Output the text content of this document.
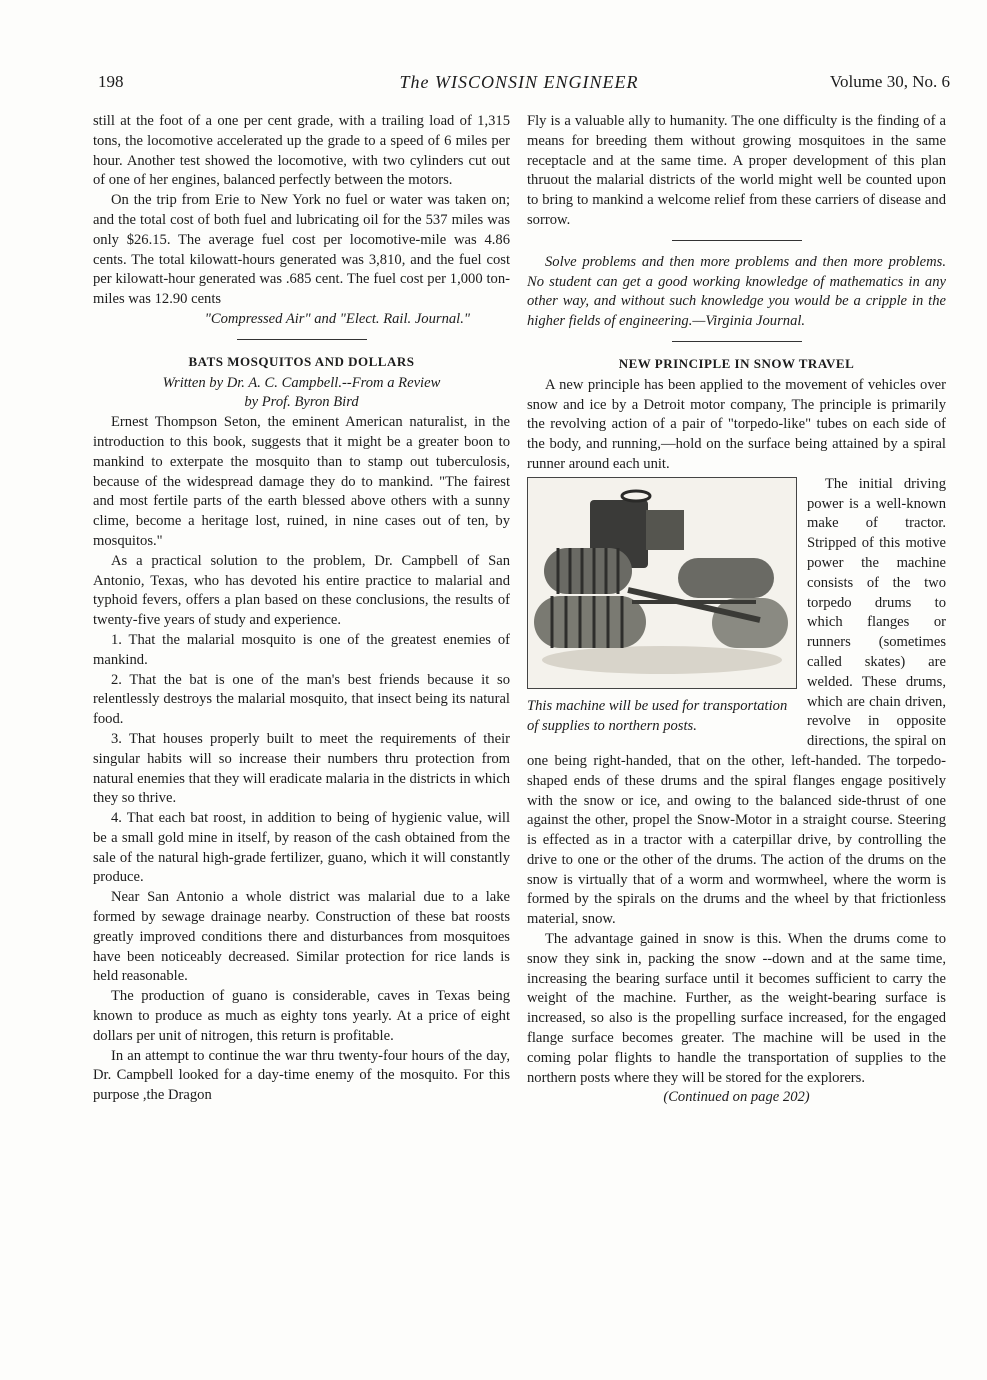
198	The WISCONSIN ENGINEER	Volume 30, No. 6

still at the foot of a one per cent grade, with a trailing load of 1,315 tons, the locomotive accelerated up the grade to a speed of 6 miles per hour. Another test showed the locomotive, with two cylinders cut out of one of her engines, balanced perfectly between the motors.

On the trip from Erie to New York no fuel or water was taken on; and the total cost of both fuel and lubricating oil for the 537 miles was only $26.15. The average fuel cost per locomotive-mile was 4.86 cents. The total kilowatt-hours generated was 3,810, and the fuel cost per kilowatt-hour generated was .685 cent. The fuel cost per 1,000 ton-miles was 12.90 cents

"Compressed Air" and "Elect. Rail. Journal."

BATS MOSQUITOS AND DOLLARS

Written by Dr. A. C. Campbell.--From a Review

by Prof. Byron Bird

Ernest Thompson Seton, the eminent American naturalist, in the introduction to this book, suggests that it might be a greater boon to mankind to exterpate the mosquito than to stamp out tuberculosis, because of the widespread damage they do to mankind. "The fairest and most fertile parts of the earth blessed above others with a sunny clime, become a heritage lost, ruined, in nine cases out of ten, by mosquitos."

As a practical solution to the problem, Dr. Campbell of San Antonio, Texas, who has devoted his entire practice to malarial and typhoid fevers, offers a plan based on these conclusions, the results of twenty-five years of study and experience.

1. That the malarial mosquito is one of the greatest enemies of mankind.

2. That the bat is one of the man's best friends because it so relentlessly destroys the malarial mosquito, that insect being its natural food.

3. That houses properly built to meet the requirements of their singular habits will so increase their numbers thru protection from natural enemies that they will eradicate malaria in the districts in which they so thrive.

4. That each bat roost, in addition to being of hygienic value, will be a small gold mine in itself, by reason of the cash obtained from the sale of the natural high-grade fertilizer, guano, which it will constantly produce.

Near San Antonio a whole district was malarial due to a lake formed by sewage drainage nearby. Construction of these bat roosts greatly improved conditions there and disturbances from mosquitoes have been noticeably decreased. Similar protection for rice lands is held reasonable.

The production of guano is considerable, caves in Texas being known to produce as much as eighty tons yearly. At a price of eight dollars per unit of nitrogen, this return is profitable.

In an attempt to continue the war thru twenty-four hours of the day, Dr. Campbell looked for a day-time enemy of the mosquito. For this purpose ,the Dragon

Fly is a valuable ally to humanity. The one difficulty is the finding of a means for breeding them without growing mosquitoes in the same receptacle and at the same time. A proper development of this plan thruout the malarial districts of the world might well be counted upon to bring to mankind a welcome relief from these carriers of disease and sorrow.

Solve problems and then more problems and then more problems. No student can get a good working knowledge of mathematics in any other way, and without such knowledge you would be a cripple in the higher fields of engineering.—Virginia Journal.

NEW PRINCIPLE IN SNOW TRAVEL

A new principle has been applied to the movement of vehicles over snow and ice by a Detroit motor company, The principle is primarily the revolving action of a pair of "torpedo-like" tubes on each side of the body, and running,—hold on the surface being attained by a spiral runner around each unit.

This machine will be used for transportation of supplies to northern posts.

The initial driving power is a well-known make of tractor. Stripped of this motive power the machine consists of the two torpedo drums to which flanges or runners (sometimes called skates) are welded. These drums, which are chain driven, revolve in opposite directions, the spiral on one being right-handed, that on the other, left-handed. The torpedo-shaped ends of these drums and the spiral flanges engage positively with the snow or ice, and owing to the balanced side-thrust of one against the other, propel the Snow-Motor in a straight course. Steering is effected as in a tractor with a caterpillar drive, by controlling the drive to one or the other of the drums. The action of the drums on the snow is virtually that of a worm and wormwheel, where the worm is formed by the spirals on the drums and the wheel by that frictionless material, snow.

The advantage gained in snow is this. When the drums come to snow they sink in, packing the snow --down and at the same time, increasing the bearing surface until it becomes sufficient to carry the weight of the machine. Further, as the weight-bearing surface is increased, so also is the propelling surface increased, for the engaged flange surface becomes greater. The machine will be used in the coming polar flights to handle the transportation of supplies to the northern posts where they will be stored for the explorers.

(Continued on page 202)
